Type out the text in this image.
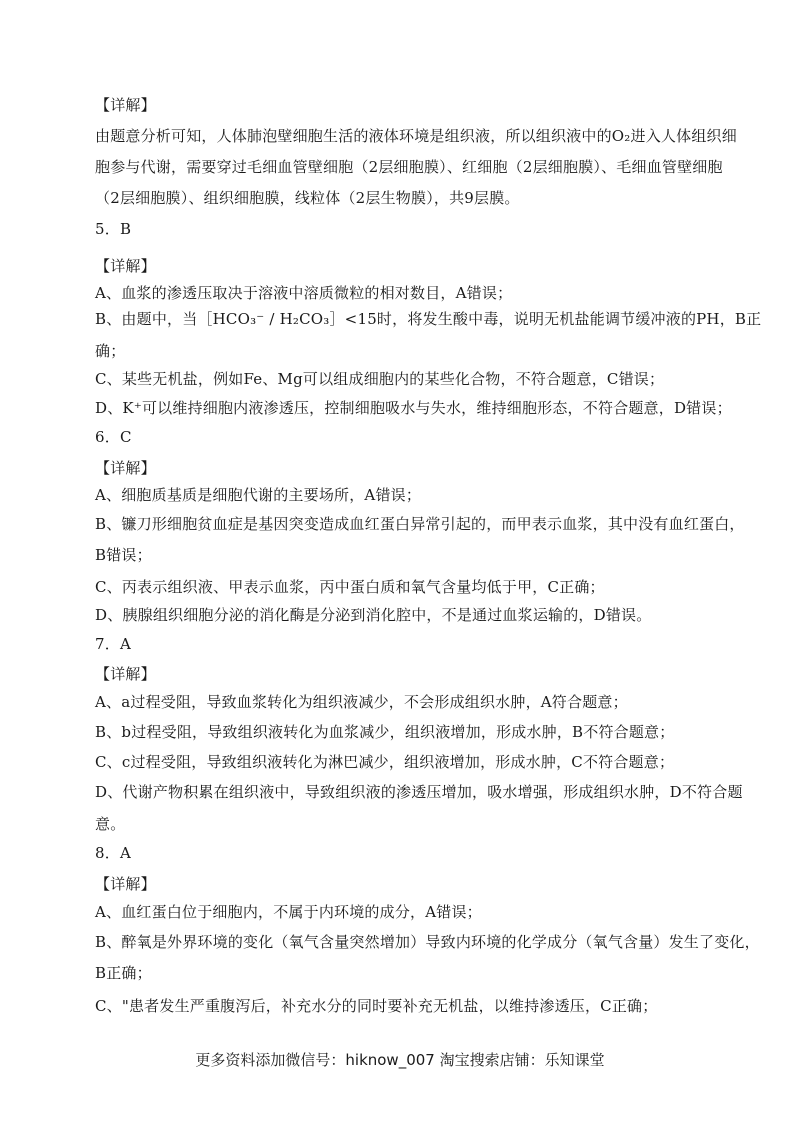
【详解】
由题意分析可知，人体肺泡壁细胞生活的液体环境是组织液，所以组织液中的O₂进入人体组织细
胞参与代谢，需要穿过毛细血管壁细胞（2层细胞膜）、红细胞（2层细胞膜）、毛细血管壁细胞
（2层细胞膜）、组织细胞膜，线粒体（2层生物膜），共9层膜。
5．B
【详解】
A、血浆的渗透压取决于溶液中溶质微粒的相对数目，A错误；
B、由题中，当［HCO₃⁻ / H₂CO₃］<15时，将发生酸中毒，说明无机盐能调节缓冲液的PH，B正
确；
C、某些无机盐，例如Fe、Mg可以组成细胞内的某些化合物，不符合题意，C错误；
D、K⁺可以维持细胞内液渗透压，控制细胞吸水与失水，维持细胞形态，不符合题意，D错误；
6．C
【详解】
A、细胞质基质是细胞代谢的主要场所，A错误；
B、镰刀形细胞贫血症是基因突变造成血红蛋白异常引起的，而甲表示血浆，其中没有血红蛋白，
B错误；
C、丙表示组织液、甲表示血浆，丙中蛋白质和氧气含量均低于甲，C正确；
D、胰腺组织细胞分泌的消化酶是分泌到消化腔中，不是通过血浆运输的，D错误。
7．A
【详解】
A、a过程受阻，导致血浆转化为组织液减少，不会形成组织水肿，A符合题意；
B、b过程受阻，导致组织液转化为血浆减少，组织液增加，形成水肿，B不符合题意；
C、c过程受阻，导致组织液转化为淋巴减少，组织液增加，形成水肿，C不符合题意；
D、代谢产物积累在组织液中，导致组织液的渗透压增加，吸水增强，形成组织水肿，D不符合题
意。
8．A
【详解】
A、血红蛋白位于细胞内，不属于内环境的成分，A错误；
B、醉氧是外界环境的变化（氧气含量突然增加）导致内环境的化学成分（氧气含量）发生了变化，
B正确；
C、"患者发生严重腹泻后，补充水分的同时要补充无机盐，以维持渗透压，C正确；
更多资料添加微信号：hiknow_007 淘宝搜索店铺：乐知课堂
